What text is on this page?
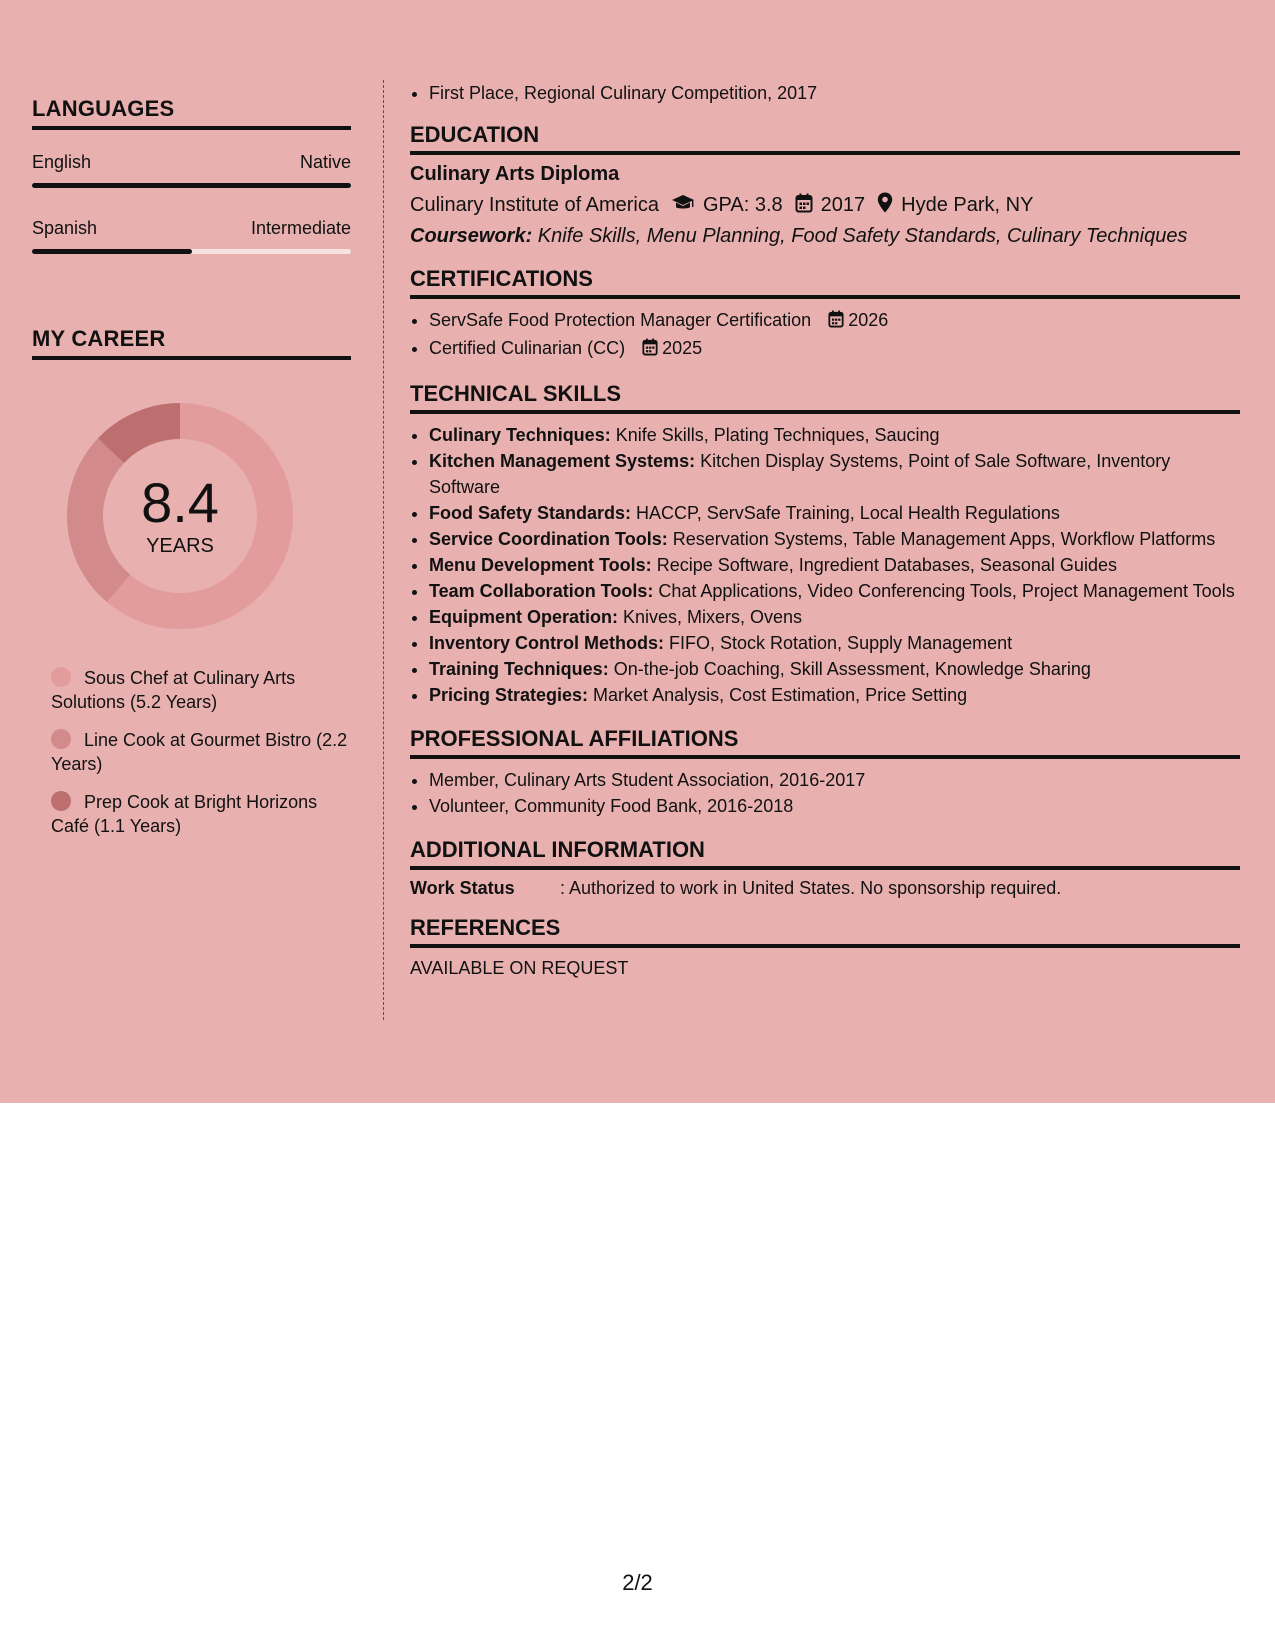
LANGUAGES
English	Native
Spanish	Intermediate
MY CAREER
8.4
YEARS
Sous Chef at Culinary Arts Solutions (5.2 Years)
Line Cook at Gourmet Bistro (2.2 Years)
Prep Cook at Bright Horizons Café (1.1 Years)
• First Place, Regional Culinary Competition, 2017
EDUCATION
Culinary Arts Diploma
Culinary Institute of America GPA: 3.8 2017 Hyde Park, NY
Coursework: Knife Skills, Menu Planning, Food Safety Standards, Culinary Techniques
CERTIFICATIONS
• ServSafe Food Protection Manager Certification 2026
• Certified Culinarian (CC) 2025
TECHNICAL SKILLS
• Culinary Techniques: Knife Skills, Plating Techniques, Saucing
• Kitchen Management Systems: Kitchen Display Systems, Point of Sale Software, Inventory Software
• Food Safety Standards: HACCP, ServSafe Training, Local Health Regulations
• Service Coordination Tools: Reservation Systems, Table Management Apps, Workflow Platforms
• Menu Development Tools: Recipe Software, Ingredient Databases, Seasonal Guides
• Team Collaboration Tools: Chat Applications, Video Conferencing Tools, Project Management Tools
• Equipment Operation: Knives, Mixers, Ovens
• Inventory Control Methods: FIFO, Stock Rotation, Supply Management
• Training Techniques: On-the-job Coaching, Skill Assessment, Knowledge Sharing
• Pricing Strategies: Market Analysis, Cost Estimation, Price Setting
PROFESSIONAL AFFILIATIONS
• Member, Culinary Arts Student Association, 2016-2017
• Volunteer, Community Food Bank, 2016-2018
ADDITIONAL INFORMATION
Work Status	: Authorized to work in United States. No sponsorship required.
REFERENCES
AVAILABLE ON REQUEST
2/2
